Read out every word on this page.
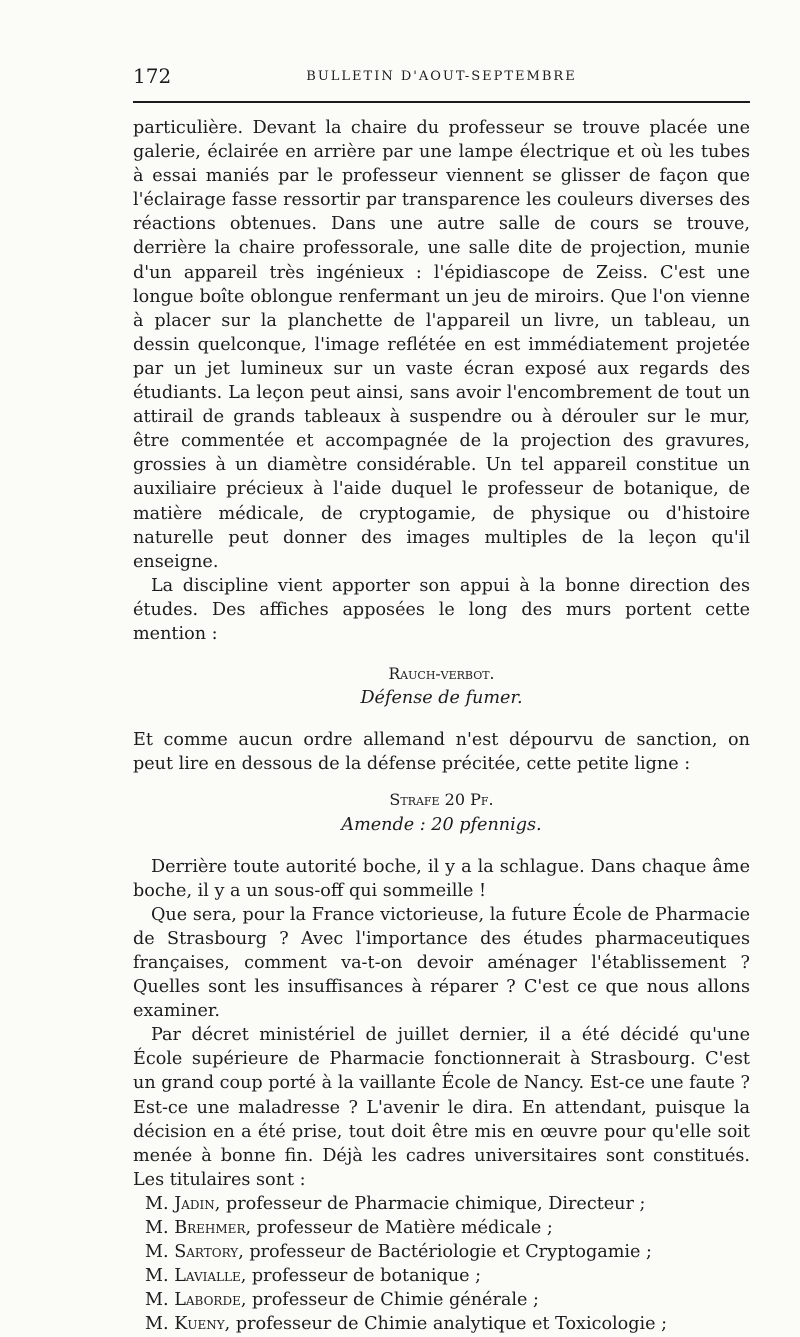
172	BULLETIN D'AOUT-SEPTEMBRE

particulière. Devant la chaire du professeur se trouve placée une galerie, éclairée en arrière par une lampe électrique et où les tubes à essai maniés par le professeur viennent se glisser de façon que l'éclairage fasse ressortir par transparence les couleurs diverses des réactions obtenues. Dans une autre salle de cours se trouve, derrière la chaire professorale, une salle dite de projection, munie d'un appareil très ingénieux : l'épidiascope de Zeiss. C'est une longue boîte oblongue renfermant un jeu de miroirs. Que l'on vienne à placer sur la planchette de l'appareil un livre, un tableau, un dessin quelconque, l'image reflétée en est immédiatement projetée par un jet lumineux sur un vaste écran exposé aux regards des étudiants. La leçon peut ainsi, sans avoir l'encombrement de tout un attirail de grands tableaux à suspendre ou à dérouler sur le mur, être commentée et accompagnée de la projection des gravures, grossies à un diamètre considérable. Un tel appareil constitue un auxiliaire précieux à l'aide duquel le professeur de botanique, de matière médicale, de cryptogamie, de physique ou d'histoire naturelle peut donner des images multiples de la leçon qu'il enseigne.

La discipline vient apporter son appui à la bonne direction des études. Des affiches apposées le long des murs portent cette mention :

Rauch-verbot.

Défense de fumer.

Et comme aucun ordre allemand n'est dépourvu de sanction, on peut lire en dessous de la défense précitée, cette petite ligne :

Strafe 20 Pf.

Amende : 20 pfennigs.

Derrière toute autorité boche, il y a la schlague. Dans chaque âme boche, il y a un sous-off qui sommeille !

Que sera, pour la France victorieuse, la future École de Pharmacie de Strasbourg ? Avec l'importance des études pharmaceutiques françaises, comment va-t-on devoir aménager l'établissement ? Quelles sont les insuffisances à réparer ? C'est ce que nous allons examiner.

Par décret ministériel de juillet dernier, il a été décidé qu'une École supérieure de Pharmacie fonctionnerait à Strasbourg. C'est un grand coup porté à la vaillante École de Nancy. Est-ce une faute ? Est-ce une maladresse ? L'avenir le dira. En attendant, puisque la décision en a été prise, tout doit être mis en œuvre pour qu'elle soit menée à bonne fin. Déjà les cadres universitaires sont constitués. Les titulaires sont :

M. Jadin, professeur de Pharmacie chimique, Directeur ;
M. Brehmer, professeur de Matière médicale ;
M. Sartory, professeur de Bactériologie et Cryptogamie ;
M. Lavialle, professeur de botanique ;
M. Laborde, professeur de Chimie générale ;
M. Kueny, professeur de Chimie analytique et Toxicologie ;
